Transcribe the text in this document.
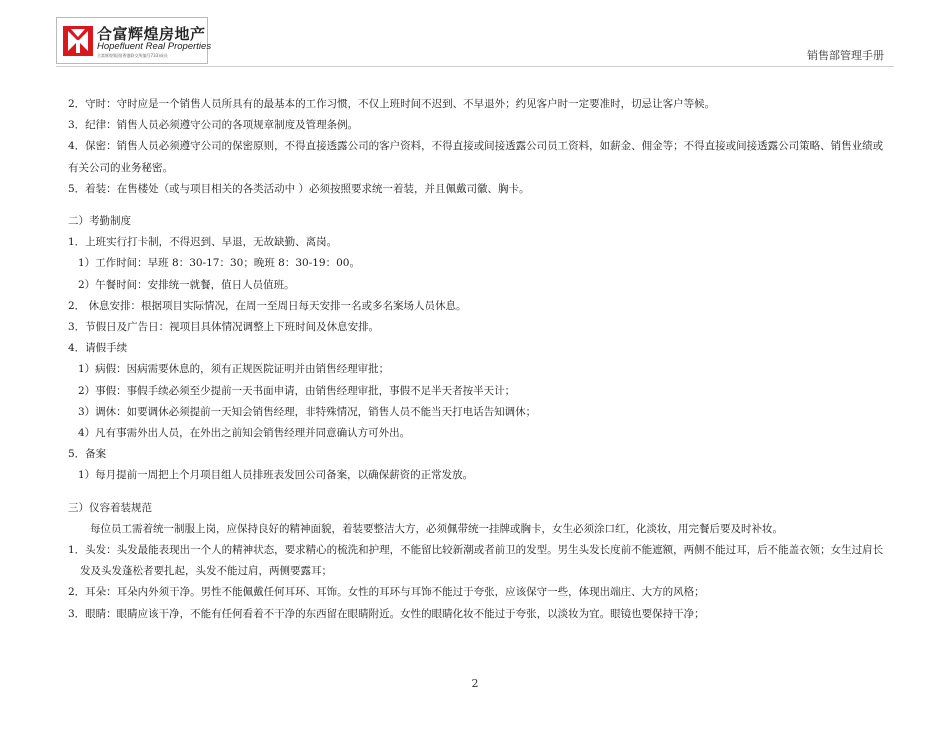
合富辉煌房地产
Hopefluent Real Properties
合富辉煌集团(香港联交所编号733)成员	销售部管理手册

2．守时：守时应是一个销售人员所具有的最基本的工作习惯，不仅上班时间不迟到、不早退外；约见客户时一定要准时，切忌让客户等候。

3．纪律：销售人员必须遵守公司的各项规章制度及管理条例。

4．保密：销售人员必须遵守公司的保密原则，不得直接透露公司的客户资料，不得直接或间接透露公司员工资料，如薪金、佣金等；不得直接或间接透露公司策略、销售业绩或有关公司的业务秘密。

5．着装：在售楼处（或与项目相关的各类活动中 ）必须按照要求统一着装，并且佩戴司徽、胸卡。

二）考勤制度

1．上班实行打卡制，不得迟到、早退，无故缺勤、离岗。

1）工作时间：早班 8：30-17：30；晚班 8：30-19：00。

2）午餐时间：安排统一就餐，值日人员值班。

2． 休息安排：根据项目实际情况，在周一至周日每天安排一名或多名案场人员休息。

3．节假日及广告日：视项目具体情况调整上下班时间及休息安排。

4．请假手续

1）病假：因病需要休息的，须有正规医院证明并由销售经理审批；

2）事假：事假手续必须至少提前一天书面申请，由销售经理审批，事假不足半天者按半天计；

3）调休：如要调休必须提前一天知会销售经理，非特殊情况，销售人员不能当天打电话告知调休；

4）凡有事需外出人员，在外出之前知会销售经理并同意确认方可外出。

5．备案

1）每月提前一周把上个月项目组人员排班表发回公司备案，以确保薪资的正常发放。

三）仪容着装规范

每位员工需着统一制服上岗，应保持良好的精神面貌，着装要整洁大方，必须佩带统一挂牌或胸卡，女生必须涂口红，化淡妆，用完餐后要及时补妆。

1．头发：头发最能表现出一个人的精神状态，要求精心的梳洗和护理，不能留比较新潮或者前卫的发型。男生头发长度前不能遮额，两侧不能过耳，后不能盖衣领；女生过肩长发及头发蓬松者要扎起，头发不能过肩，两侧要露耳；

2．耳朵：耳朵内外须干净。男性不能佩戴任何耳环、耳饰。女性的耳环与耳饰不能过于夸张，应该保守一些，体现出端庄、大方的风格；

3．眼睛：眼睛应该干净，不能有任何看着不干净的东西留在眼睛附近。女性的眼睛化妆不能过于夸张，以淡妆为宜。眼镜也要保持干净；

2
